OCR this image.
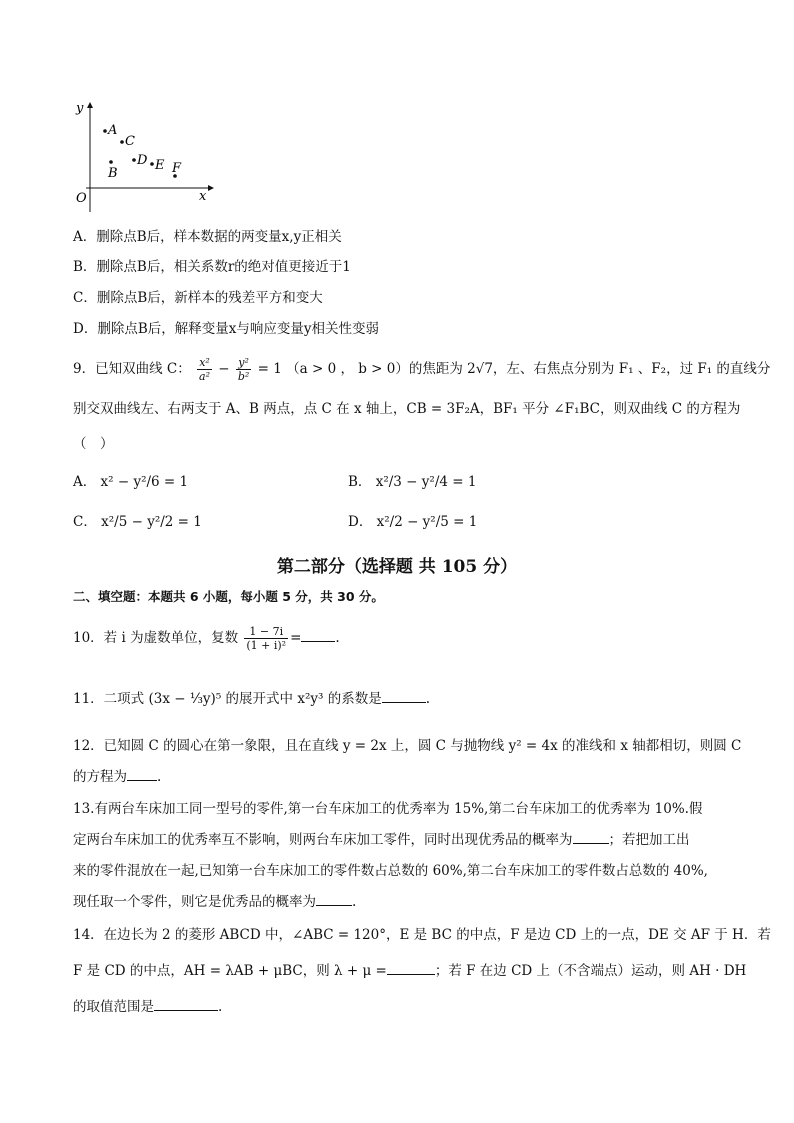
y
x
O
A
C
B
D E F
A．删除点B后，样本数据的两变量x,y正相关
B．删除点B后，相关系数r的绝对值更接近于1
C．删除点B后，新样本的残差平方和变大
D．删除点B后，解释变量x与响应变量y相关性变弱
9．已知双曲线 C： $\frac{\text{x²}}{\text{a²}} - \frac{\text{y²}}{\text{b²}} = 1$ （a > 0 ， b > 0）的焦距为 2√7，左、右焦点分别为 F₁ 、F₂，过 F₁ 的直线分
别交双曲线左、右两支于 A、B 两点，点 C 在 x 轴上，CB = 3F₂A，BF₁ 平分 ∠F₁BC，则双曲线 C 的方程为
（　）
A． x² − y²/6 = 1	B． x²/3 − y²/4 = 1
C． x²/5 − y²/2 = 1	D． x²/2 − y²/5 = 1
第二部分（选择题 共 105 分）
二、填空题：本题共 6 小题，每小题 5 分，共 30 分。
10．若 i 为虚数单位，复数 $\frac{1 - 7i}{\text{(1 + i)²}}$ =	.
11．二项式 (3x − ⅓y)⁵ 的展开式中 x²y³ 的系数是	.
12．已知圆 C 的圆心在第一象限，且在直线 y = 2x 上，圆 C 与抛物线 y² = 4x 的准线和 x 轴都相切，则圆 C
的方程为 .
13.有两台车床加工同一型号的零件,第一台车床加工的优秀率为 15%,第二台车床加工的优秀率为 10%.假
定两台车床加工的优秀率互不影响，则两台车床加工零件，同时出现优秀品的概率为	；若把加工出
来的零件混放在一起,已知第一台车床加工的零件数占总数的 60%,第二台车床加工的零件数占总数的 40%,
现任取一个零件，则它是优秀品的概率为	.
14．在边长为 2 的菱形 ABCD 中，∠ABC = 120°，E 是 BC 的中点，F 是边 CD 上的一点，DE 交 AF 于 H．若
F 是 CD 的中点，AH = λAB + μBC，则 λ + μ =	；若 F 在边 CD 上（不含端点）运动，则 AH · DH
的取值范围是	.
